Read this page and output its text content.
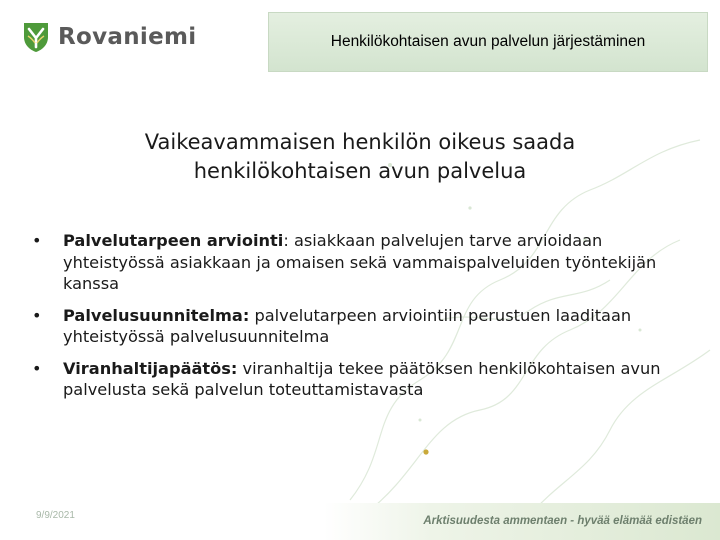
Rovaniemi	Henkilökohtaisen avun palvelun järjestäminen
Vaikeavammaisen henkilön oikeus saada henkilökohtaisen avun palvelua
• Palvelutarpeen arviointi: asiakkaan palvelujen tarve arvioidaan yhteistyössä asiakkaan ja omaisen sekä vammaispalveluiden työntekijän kanssa
• Palvelusuunnitelma: palvelutarpeen arviointiin perustuen laaditaan yhteistyössä palvelusuunnitelma
• Viranhaltijapäätös: viranhaltija tekee päätöksen henkilökohtaisen avun palvelusta sekä palvelun toteuttamistavasta
9/9/2021	Arktisuudesta ammentaen - hyvää elämää edistäen
